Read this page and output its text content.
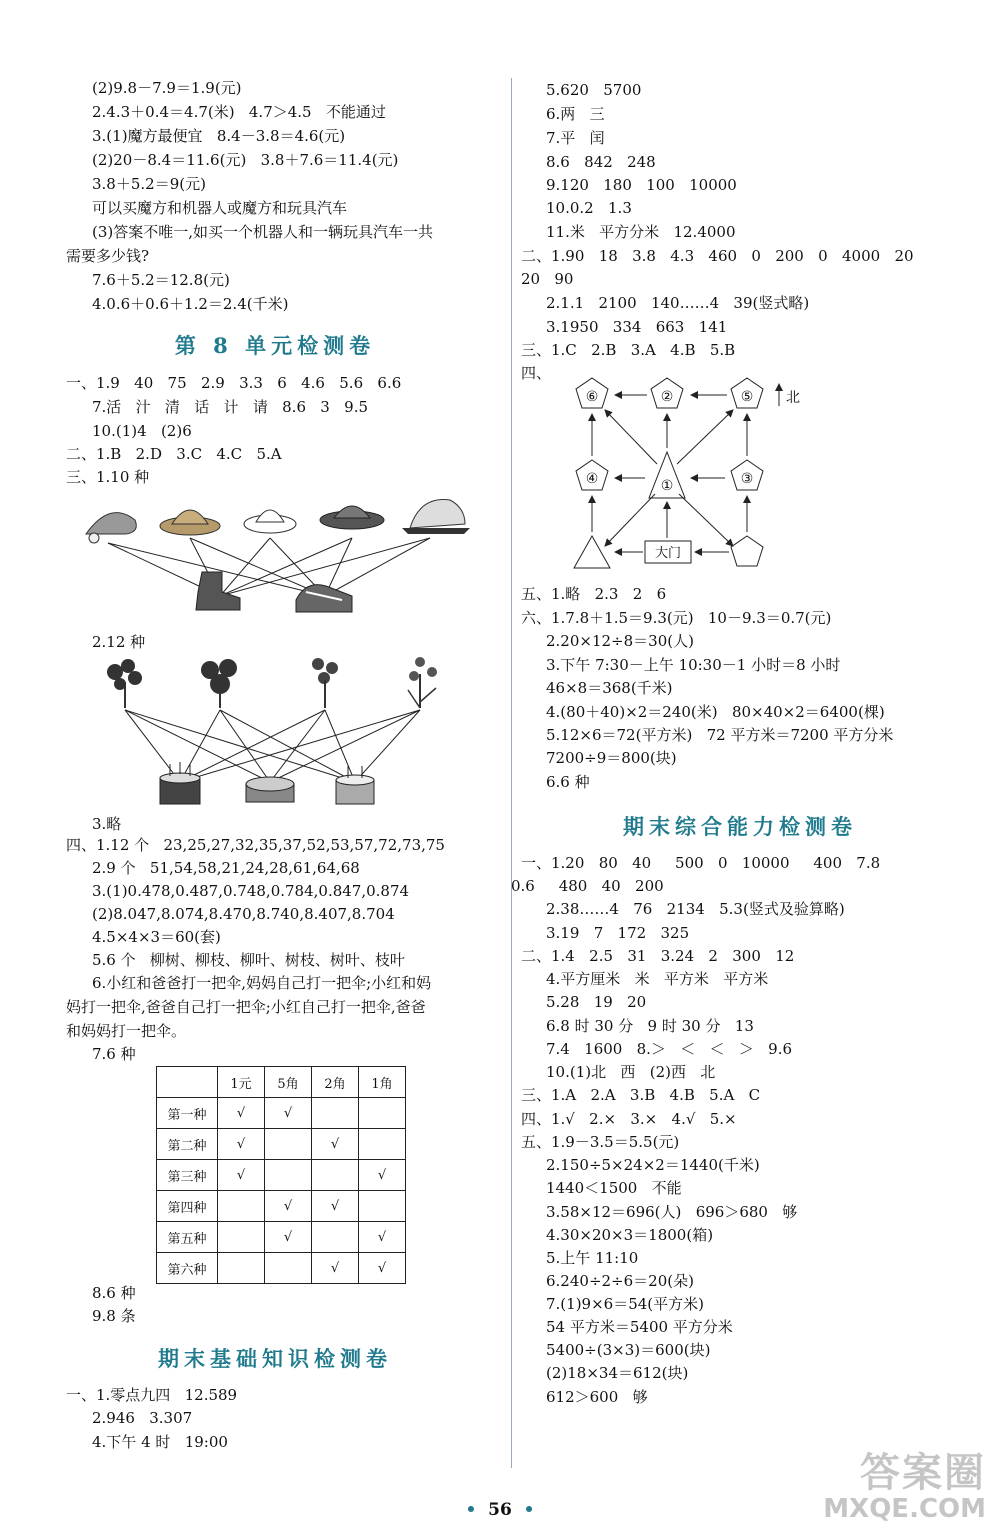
(2)9.8－7.9＝1.9(元)
2.4.3＋0.4＝4.7(米)   4.7＞4.5   不能通过
3.(1)魔方最便宜   8.4－3.8＝4.6(元)
(2)20－8.4＝11.6(元)   3.8＋7.6＝11.4(元)
3.8＋5.2＝9(元)
可以买魔方和机器人或魔方和玩具汽车
(3)答案不唯一,如买一个机器人和一辆玩具汽车一共
需要多少钱?
7.6＋5.2＝12.8(元)
4.0.6＋0.6＋1.2＝2.4(千米)
第 8 单元检测卷
一、1.9   40   75   2.9   3.3   6   4.6   5.6   6.6
7.活   汁   清   话   计   请   8.6   3   9.5
10.(1)4   (2)6
二、1.B   2.D   3.C   4.C   5.A
三、1.10 种
2.12 种
3.略
四、1.12 个   23,25,27,32,35,37,52,53,57,72,73,75
2.9 个   51,54,58,21,24,28,61,64,68
3.(1)0.478,0.487,0.748,0.784,0.847,0.874
(2)8.047,8.074,8.470,8.740,8.407,8.704
4.5×4×3＝60(套)
5.6 个   柳树、柳枝、柳叶、树枝、树叶、枝叶
6.小红和爸爸打一把伞,妈妈自己打一把伞;小红和妈
妈打一把伞,爸爸自己打一把伞;小红自己打一把伞,爸爸
和妈妈打一把伞。
7.6 种
	1元	5角	2角	1角
第一种	√	√		
第二种	√		√	
第三种	√			√
第四种		√	√	
第五种		√		√
第六种			√	√
8.6 种
9.8 条
期末基础知识检测卷
一、1.零点九四   12.589
2.946   3.307
4.下午 4 时   19:00
5.620   5700
6.两   三
7.平   闰
8.6   842   248
9.120   180   100   10000
10.0.2   1.3
11.米   平方分米   12.4000
二、1.90   18   3.8   4.3   460   0   200   0   4000   20
20   90
2.1.1   2100   140……4   39(竖式略)
3.1950   334   663   141
三、1.C   2.B   3.A   4.B   5.B
四、
⑥	②	⑤
④	①	③
大门
北
五、1.略   2.3   2   6
六、1.7.8＋1.5＝9.3(元)   10－9.3＝0.7(元)
2.20×12÷8＝30(人)
3.下午 7:30－上午 10:30－1 小时＝8 小时
46×8＝368(千米)
4.(80＋40)×2＝240(米)   80×40×2＝6400(棵)
5.12×6＝72(平方米)   72 平方米＝7200 平方分米
7200÷9＝800(块)
6.6 种
期末综合能力检测卷
一、1.20   80   40     500   0   10000     400   7.8
0.6     480   40   200
2.38……4   76   2134   5.3(竖式及验算略)
3.19   7   172   325
二、1.4   2.5   31   3.24   2   300   12
4.平方厘米   米   平方米   平方米
5.28   19   20
6.8 时 30 分   9 时 30 分   13
7.4   1600   8.＞   ＜   ＜   ＞   9.6
10.(1)北   西   (2)西   北
三、1.A   2.A   3.B   4.B   5.A   C
四、1.√   2.×   3.×   4.√   5.×
五、1.9－3.5＝5.5(元)
2.150÷5×24×2＝1440(千米)
1440＜1500   不能
3.58×12＝696(人)   696＞680   够
4.30×20×3＝1800(箱)
5.上午 11:10
6.240÷2÷6＝20(朵)
7.(1)9×6＝54(平方米)
54 平方米＝5400 平方分米
5400÷(3×3)＝600(块)
(2)18×34＝612(块)
612＞600   够
• 56 •
答案圈
MXQE.COM
